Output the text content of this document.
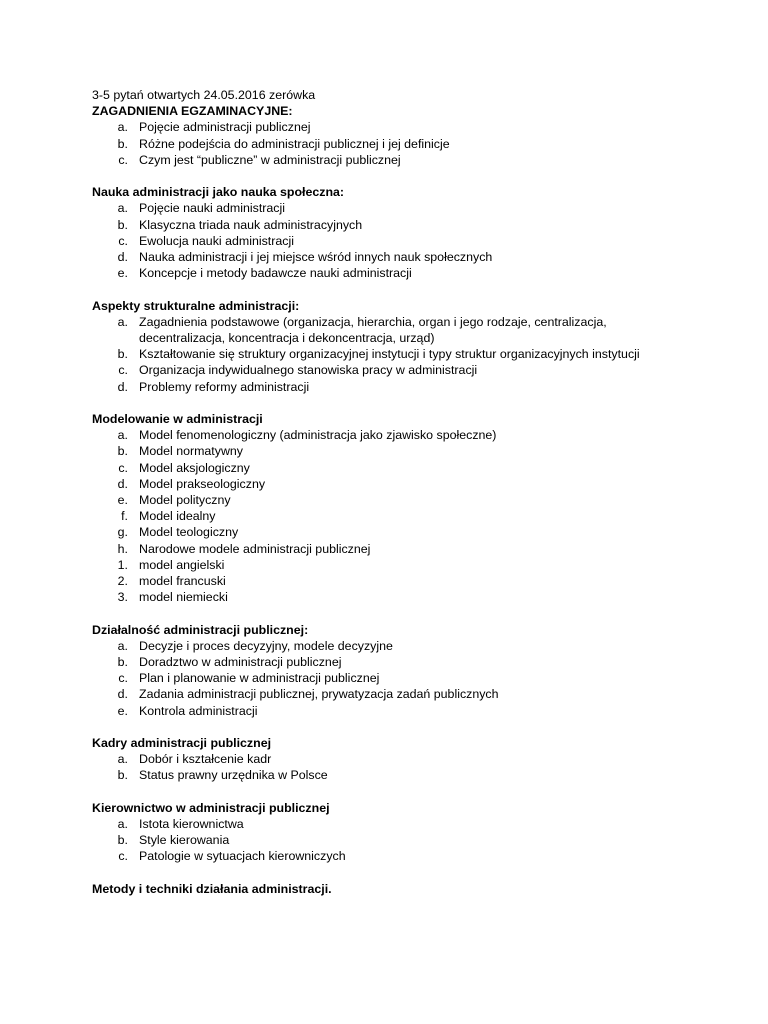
3-5 pytań otwartych 24.05.2016 zerówka
ZAGADNIENIA EGZAMINACYJNE:
a. Pojęcie administracji publicznej
b. Różne podejścia do administracji publicznej i jej definicje
c. Czym jest “publiczne” w administracji publicznej
Nauka administracji jako nauka społeczna:
a. Pojęcie nauki administracji
b. Klasyczna triada nauk administracyjnych
c. Ewolucja nauki administracji
d. Nauka administracji i jej miejsce wśród innych nauk społecznych
e. Koncepcje i metody badawcze nauki administracji
Aspekty strukturalne administracji:
a. Zagadnienia podstawowe (organizacja, hierarchia, organ i jego rodzaje, centralizacja,
decentralizacja, koncentracja i dekoncentracja, urząd)
b. Kształtowanie się struktury organizacyjnej instytucji i typy struktur organizacyjnych instytucji
c. Organizacja indywidualnego stanowiska pracy w administracji
d. Problemy reformy administracji
Modelowanie w administracji
a. Model fenomenologiczny (administracja jako zjawisko społeczne)
b. Model normatywny
c. Model aksjologiczny
d. Model prakseologiczny
e. Model polityczny
f. Model idealny
g. Model teologiczny
h. Narodowe modele administracji publicznej
1. model angielski
2. model francuski
3. model niemiecki
Działalność administracji publicznej:
a. Decyzje i proces decyzyjny, modele decyzyjne
b. Doradztwo w administracji publicznej
c. Plan i planowanie w administracji publicznej
d. Zadania administracji publicznej, prywatyzacja zadań publicznych
e. Kontrola administracji
Kadry administracji publicznej
a. Dobór i kształcenie kadr
b. Status prawny urzędnika w Polsce
Kierownictwo w administracji publicznej
a. Istota kierownictwa
b. Style kierowania
c. Patologie w sytuacjach kierowniczych
Metody i techniki działania administracji.
